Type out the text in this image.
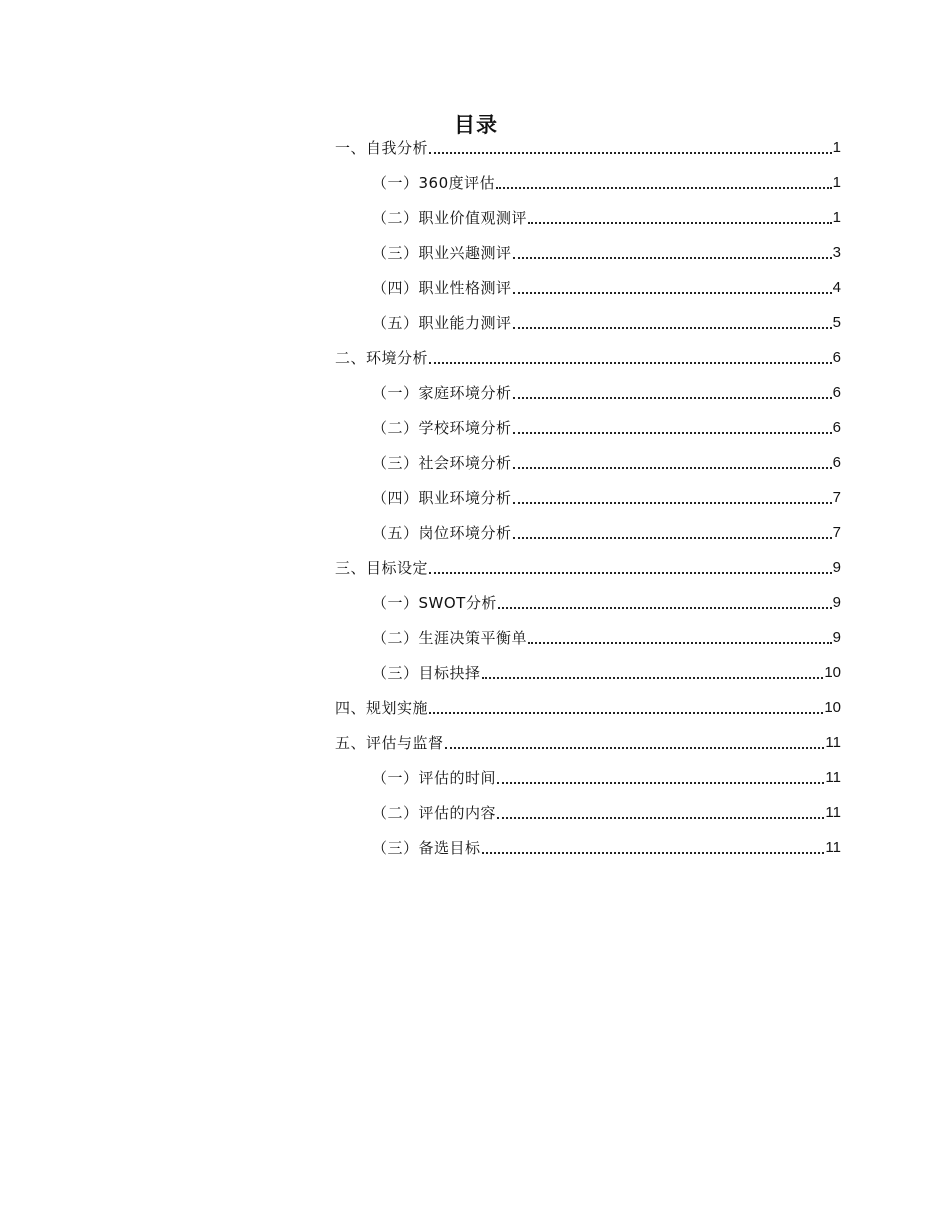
目录
一、自我分析	1
（一）360度评估	1
（二）职业价值观测评	1
（三）职业兴趣测评	3
（四）职业性格测评	4
（五）职业能力测评	5
二、环境分析	6
（一）家庭环境分析	6
（二）学校环境分析	6
（三）社会环境分析	6
（四）职业环境分析	7
（五）岗位环境分析	7
三、目标设定	9
（一）SWOT分析	9
（二）生涯决策平衡单	9
（三）目标抉择	10
四、规划实施	10
五、评估与监督	11
（一）评估的时间	11
（二）评估的内容	11
（三）备选目标	11
